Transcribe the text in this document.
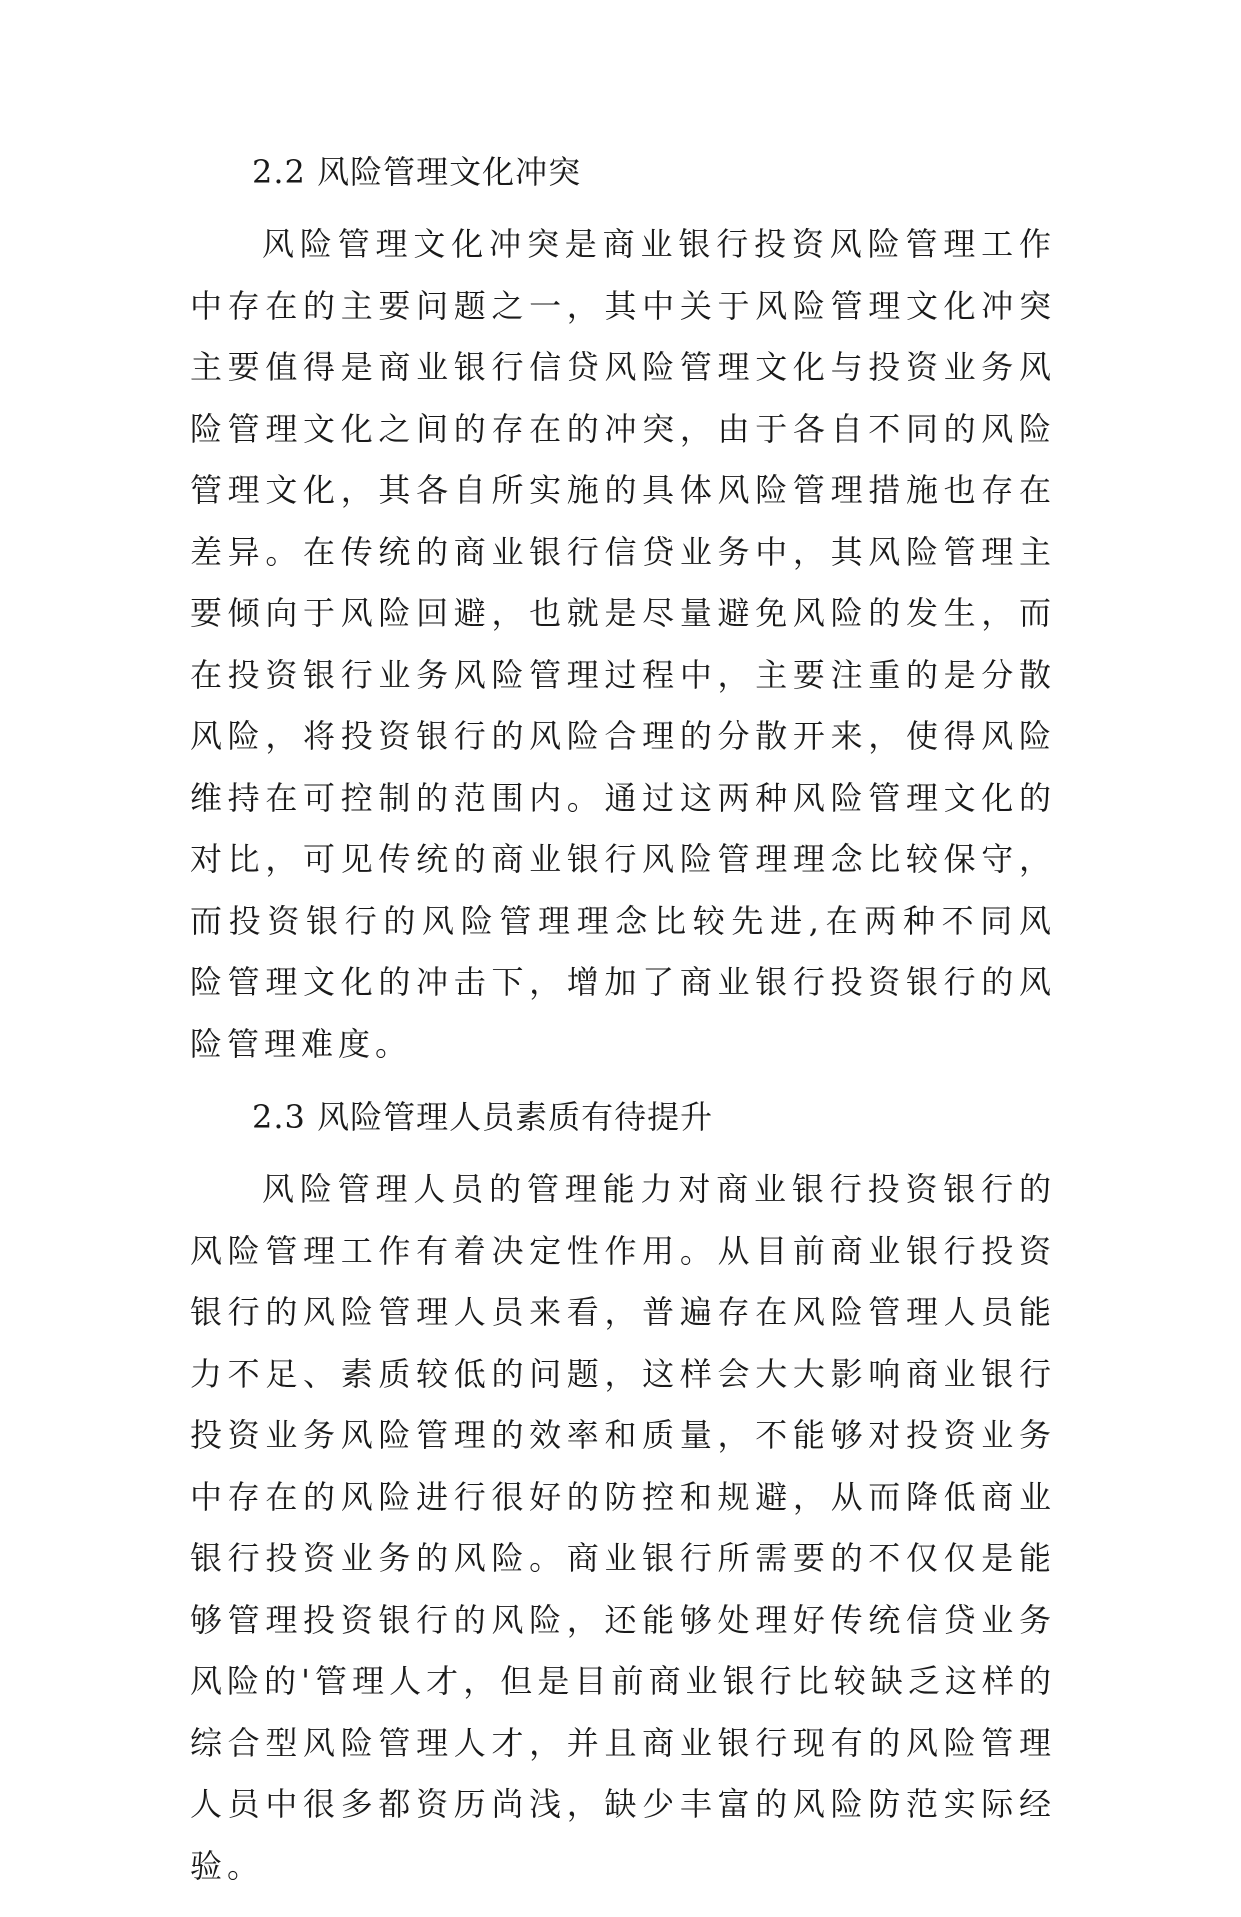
2.2 风险管理文化冲突

风险管理文化冲突是商业银行投资风险管理工作中存在的主要问题之一，其中关于风险管理文化冲突主要值得是商业银行信贷风险管理文化与投资业务风险管理文化之间的存在的冲突，由于各自不同的风险管理文化，其各自所实施的具体风险管理措施也存在差异。在传统的商业银行信贷业务中，其风险管理主要倾向于风险回避，也就是尽量避免风险的发生，而在投资银行业务风险管理过程中，主要注重的是分散风险，将投资银行的风险合理的分散开来，使得风险维持在可控制的范围内。通过这两种风险管理文化的对比，可见传统的商业银行风险管理理念比较保守，而投资银行的风险管理理念比较先进,在两种不同风险管理文化的冲击下，增加了商业银行投资银行的风险管理难度。

2.3 风险管理人员素质有待提升

风险管理人员的管理能力对商业银行投资银行的风险管理工作有着决定性作用。从目前商业银行投资银行的风险管理人员来看，普遍存在风险管理人员能力不足、素质较低的问题，这样会大大影响商业银行投资业务风险管理的效率和质量，不能够对投资业务中存在的风险进行很好的防控和规避，从而降低商业银行投资业务的风险。商业银行所需要的不仅仅是能够管理投资银行的风险，还能够处理好传统信贷业务风险的'管理人才，但是目前商业银行比较缺乏这样的综合型风险管理人才，并且商业银行现有的风险管理人员中很多都资历尚浅，缺少丰富的风险防范实际经验。
